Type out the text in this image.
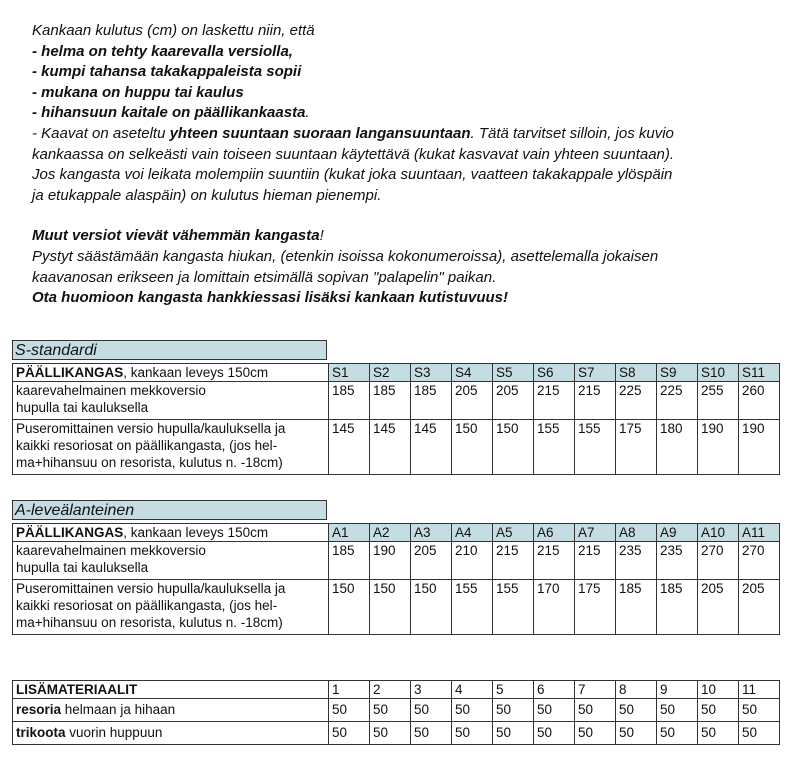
Kankaan kulutus (cm) on laskettu niin, että

- helma on tehty kaarevalla versiolla,

- kumpi tahansa takakappaleista sopii

- mukana on huppu tai kaulus

- hihansuun kaitale on päällikankaasta.

- Kaavat on aseteltu yhteen suuntaan suoraan langansuuntaan. Tätä tarvitset silloin, jos kuvio

kankaassa on selkeästi vain toiseen suuntaan käytettävä (kukat kasvavat vain yhteen suuntaan).

Jos kangasta voi leikata molempiin suuntiin (kukat joka suuntaan, vaatteen takakappale ylöspäin

ja etukappale alaspäin) on kulutus hieman pienempi.

Muut versiot vievät vähemmän kangasta!

Pystyt säästämään kangasta hiukan, (etenkin isoissa kokonumeroissa), asettelemalla jokaisen

kaavanosan erikseen ja lomittain etsimällä sopivan "palapelin" paikan.

Ota huomioon kangasta hankkiessasi lisäksi kankaan kutistuvuus!

S-standardi
PÄÄLLIKANGAS, kankaan leveys 150cm	S1	S2	S3	S4	S5	S6	S7	S8	S9	S10	S11
kaarevahelmainen mekkoversio
hupulla tai kauluksella	185	185	185	205	205	215	215	225	225	255	260
Puseromittainen versio hupulla/kauluksella ja
kaikki resoriosat on päällikangasta, (jos hel-
ma+hihansuu on resorista, kulutus n. -18cm)	145	145	145	150	150	155	155	175	180	190	190
A-leveälanteinen
PÄÄLLIKANGAS, kankaan leveys 150cm	A1	A2	A3	A4	A5	A6	A7	A8	A9	A10	A11
kaarevahelmainen mekkoversio
hupulla tai kauluksella	185	190	205	210	215	215	215	235	235	270	270
Puseromittainen versio hupulla/kauluksella ja
kaikki resoriosat on päällikangasta, (jos hel-
ma+hihansuu on resorista, kulutus n. -18cm)	150	150	150	155	155	170	175	185	185	205	205
LISÄMATERIAALIT	1	2	3	4	5	6	7	8	9	10	11
resoria helmaan ja hihaan	50	50	50	50	50	50	50	50	50	50	50
trikoota vuorin huppuun	50	50	50	50	50	50	50	50	50	50	50
